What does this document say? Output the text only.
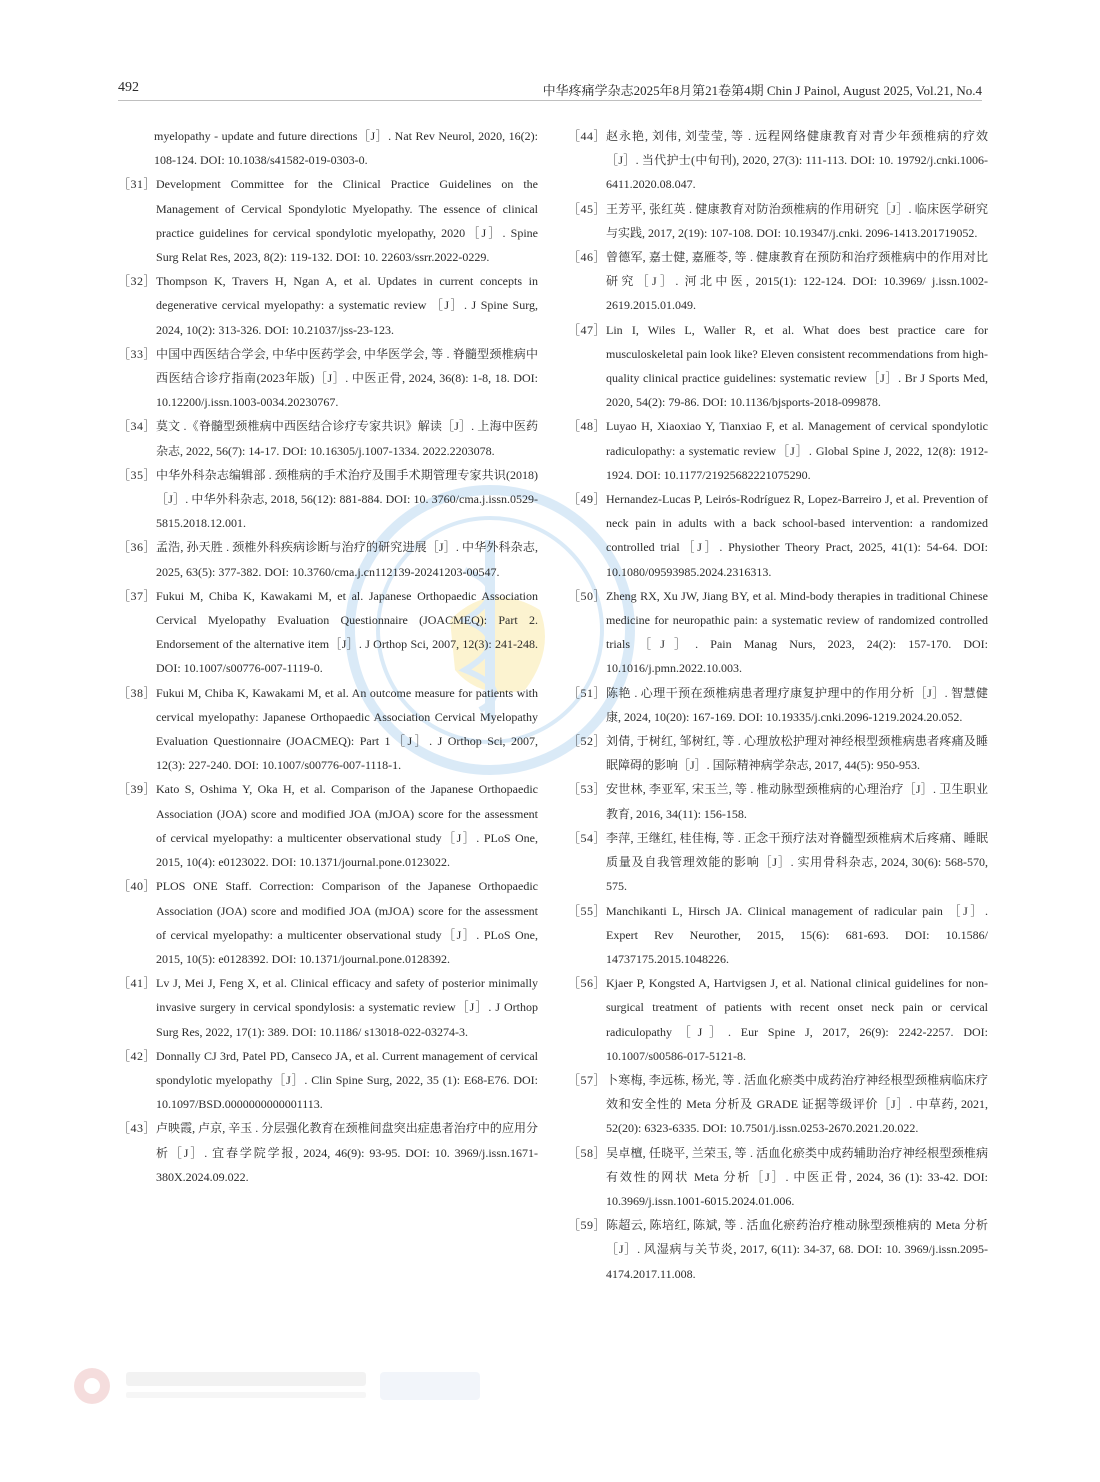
492	中华疼痛学杂志2025年8月第21卷第4期 Chin J Painol, August 2025, Vol.21, No.4
myelopathy - update and future directions［J］. Nat Rev Neurol, 2020, 16(2): 108-124. DOI: 10.1038/s41582-019-0303-0.
［31］ Development Committee for the Clinical Practice Guidelines on the Management of Cervical Spondylotic Myelopathy. The essence of clinical practice guidelines for cervical spondylotic myelopathy, 2020［J］. Spine Surg Relat Res, 2023, 8(2): 119-132. DOI: 10. 22603/ssrr.2022-0229.
［32］ Thompson K, Travers H, Ngan A, et al. Updates in current concepts in degenerative cervical myelopathy: a systematic review ［J］. J Spine Surg, 2024, 10(2): 313-326. DOI: 10.21037/jss-23-123.
［33］ 中国中西医结合学会, 中华中医药学会, 中华医学会, 等 . 脊髓型颈椎病中西医结合诊疗指南(2023年版)［J］. 中医正骨, 2024, 36(8): 1-8, 18. DOI: 10.12200/j.issn.1003-0034.20230767.
［34］ 莫文 .《脊髓型颈椎病中西医结合诊疗专家共识》解读［J］. 上海中医药杂志, 2022, 56(7): 14-17. DOI: 10.16305/j.1007-1334. 2022.2203078.
［35］ 中华外科杂志编辑部 . 颈椎病的手术治疗及围手术期管理专家共识(2018)［J］. 中华外科杂志, 2018, 56(12): 881-884. DOI: 10. 3760/cma.j.issn.0529-5815.2018.12.001.
［36］ 孟浩, 孙天胜 . 颈椎外科疾病诊断与治疗的研究进展［J］. 中华外科杂志, 2025, 63(5): 377-382. DOI: 10.3760/cma.j.cn112139-20241203-00547.
［37］ Fukui M, Chiba K, Kawakami M, et al. Japanese Orthopaedic Association Cervical Myelopathy Evaluation Questionnaire (JOACMEQ): Part 2. Endorsement of the alternative item［J］. J Orthop Sci, 2007, 12(3): 241-248. DOI: 10.1007/s00776-007-1119-0.
［38］ Fukui M, Chiba K, Kawakami M, et al. An outcome measure for patients with cervical myelopathy: Japanese Orthopaedic Association Cervical Myelopathy Evaluation Questionnaire (JOACMEQ): Part 1［J］. J Orthop Sci, 2007, 12(3): 227-240. DOI: 10.1007/s00776-007-1118-1.
［39］ Kato S, Oshima Y, Oka H, et al. Comparison of the Japanese Orthopaedic Association (JOA) score and modified JOA (mJOA) score for the assessment of cervical myelopathy: a multicenter observational study［J］. PLoS One, 2015, 10(4): e0123022. DOI: 10.1371/journal.pone.0123022.
［40］ PLOS ONE Staff. Correction: Comparison of the Japanese Orthopaedic Association (JOA) score and modified JOA (mJOA) score for the assessment of cervical myelopathy: a multicenter observational study［J］. PLoS One, 2015, 10(5): e0128392. DOI: 10.1371/journal.pone.0128392.
［41］ Lv J, Mei J, Feng X, et al. Clinical efficacy and safety of posterior minimally invasive surgery in cervical spondylosis: a systematic review［J］. J Orthop Surg Res, 2022, 17(1): 389. DOI: 10.1186/ s13018-022-03274-3.
［42］ Donnally CJ 3rd, Patel PD, Canseco JA, et al. Current management of cervical spondylotic myelopathy［J］. Clin Spine Surg, 2022, 35 (1): E68-E76. DOI: 10.1097/BSD.0000000000001113.
［43］ 卢映霞, 卢京, 辛玉 . 分层强化教育在颈椎间盘突出症患者治疗中的应用分析［J］. 宜春学院学报, 2024, 46(9): 93-95. DOI: 10. 3969/j.issn.1671-380X.2024.09.022.
［44］ 赵永艳, 刘伟, 刘莹莹, 等 . 远程网络健康教育对青少年颈椎病的疗效［J］. 当代护士(中旬刊), 2020, 27(3): 111-113. DOI: 10. 19792/j.cnki.1006-6411.2020.08.047.
［45］ 王芳平, 张红英 . 健康教育对防治颈椎病的作用研究［J］. 临床医学研究与实践, 2017, 2(19): 107-108. DOI: 10.19347/j.cnki. 2096-1413.201719052.
［46］ 曾德军, 嘉士健, 嘉雁苓, 等 . 健康教育在预防和治疗颈椎病中的作用对比研究［J］. 河北中医, 2015(1): 122-124. DOI: 10.3969/ j.issn.1002-2619.2015.01.049.
［47］ Lin I, Wiles L, Waller R, et al. What does best practice care for musculoskeletal pain look like? Eleven consistent recommendations from high-quality clinical practice guidelines: systematic review［J］. Br J Sports Med, 2020, 54(2): 79-86. DOI: 10.1136/bjsports-2018-099878.
［48］ Luyao H, Xiaoxiao Y, Tianxiao F, et al. Management of cervical spondylotic radiculopathy: a systematic review［J］. Global Spine J, 2022, 12(8): 1912-1924. DOI: 10.1177/21925682221075290.
［49］ Hernandez-Lucas P, Leirós-Rodríguez R, Lopez-Barreiro J, et al. Prevention of neck pain in adults with a back school-based intervention: a randomized controlled trial［J］. Physiother Theory Pract, 2025, 41(1): 54-64. DOI: 10.1080/09593985.2024.2316313.
［50］ Zheng RX, Xu JW, Jiang BY, et al. Mind-body therapies in traditional Chinese medicine for neuropathic pain: a systematic review of randomized controlled trials［J］. Pain Manag Nurs, 2023, 24(2): 157-170. DOI: 10.1016/j.pmn.2022.10.003.
［51］ 陈艳 . 心理干预在颈椎病患者理疗康复护理中的作用分析［J］. 智慧健康, 2024, 10(20): 167-169. DOI: 10.19335/j.cnki.2096-1219.2024.20.052.
［52］ 刘倩, 于树红, 邹树红, 等 . 心理放松护理对神经根型颈椎病患者疼痛及睡眠障碍的影响［J］. 国际精神病学杂志, 2017, 44(5): 950-953.
［53］ 安世林, 李亚军, 宋玉兰, 等 . 椎动脉型颈椎病的心理治疗［J］. 卫生职业教育, 2016, 34(11): 156-158.
［54］ 李萍, 王继红, 桂佳梅, 等 . 正念干预疗法对脊髓型颈椎病术后疼痛、睡眠质量及自我管理效能的影响［J］. 实用骨科杂志, 2024, 30(6): 568-570, 575.
［55］ Manchikanti L, Hirsch JA. Clinical management of radicular pain ［J］. Expert Rev Neurother, 2015, 15(6): 681-693. DOI: 10.1586/ 14737175.2015.1048226.
［56］ Kjaer P, Kongsted A, Hartvigsen J, et al. National clinical guidelines for non-surgical treatment of patients with recent onset neck pain or cervical radiculopathy［J］. Eur Spine J, 2017, 26(9): 2242-2257. DOI: 10.1007/s00586-017-5121-8.
［57］ 卜寒梅, 李远栋, 杨光, 等 . 活血化瘀类中成药治疗神经根型颈椎病临床疗效和安全性的 Meta 分析及 GRADE 证据等级评价［J］. 中草药, 2021, 52(20): 6323-6335. DOI: 10.7501/j.issn.0253-2670.2021.20.022.
［58］ 吴卓檀, 任晓平, 兰荣玉, 等 . 活血化瘀类中成药辅助治疗神经根型颈椎病有效性的网状 Meta 分析［J］. 中医正骨, 2024, 36 (1): 33-42. DOI: 10.3969/j.issn.1001-6015.2024.01.006.
［59］ 陈超云, 陈培红, 陈斌, 等 . 活血化瘀药治疗椎动脉型颈椎病的 Meta 分析［J］. 风湿病与关节炎, 2017, 6(11): 34-37, 68. DOI: 10. 3969/j.issn.2095-4174.2017.11.008.
